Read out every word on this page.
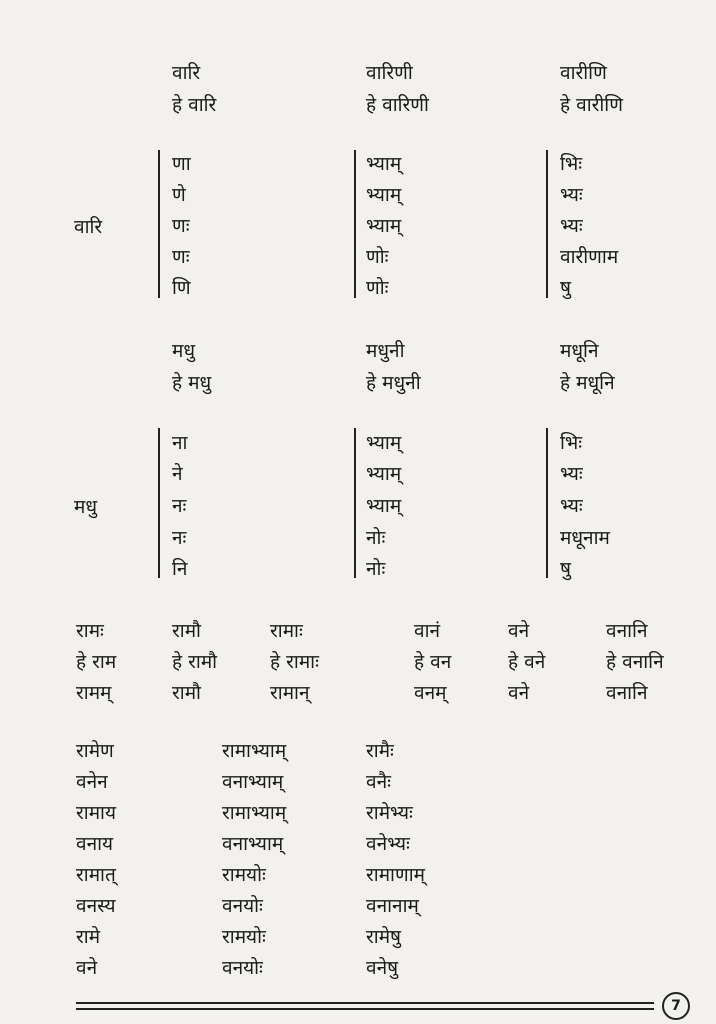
वारि	वारिणी	वारीणि
हे वारि	हे वारिणी	हे वारीणि
वारि
णा	भ्याम्	भिः
णे	भ्याम्	भ्यः
णः	भ्याम्	भ्यः
णः	णोः	वारीणाम
णि	णोः	षु
मधु	मधुनी	मधूनि
हे मधु	हे मधुनी	हे मधूनि
मधु
ना	भ्याम्	भिः
ने	भ्याम्	भ्यः
नः	भ्याम्	भ्यः
नः	नोः	मधूनाम
नि	नोः	षु
रामः	रामौ	रामाः	वानं	वने	वनानि
हे राम	हे रामौ	हे रामाः	हे वन	हे वने	हे वनानि
रामम्	रामौ	रामान्	वनम्	वने	वनानि
रामेण	रामाभ्याम्	रामैः
वनेन	वनाभ्याम्	वनैः
रामाय	रामाभ्याम्	रामेभ्यः
वनाय	वनाभ्याम्	वनेभ्यः
रामात्	रामयोः	रामाणाम्
वनस्य	वनयोः	वनानाम्
रामे	रामयोः	रामेषु
वने	वनयोः	वनेषु
7
